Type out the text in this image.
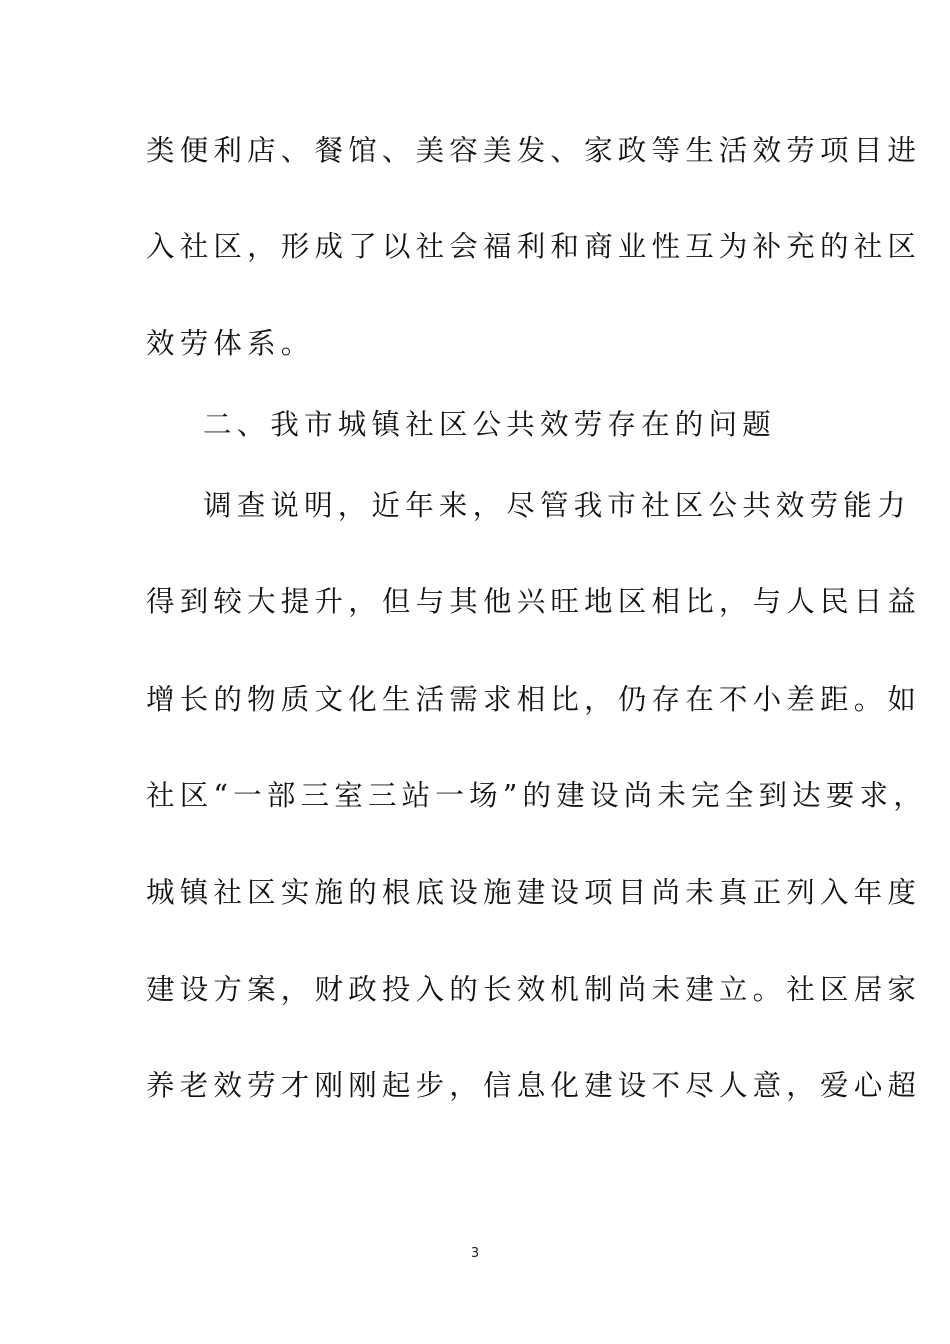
类便利店、餐馆、美容美发、家政等生活效劳项目进
入社区，形成了以社会福利和商业性互为补充的社区
效劳体系。
二、我市城镇社区公共效劳存在的问题
调查说明，近年来，尽管我市社区公共效劳能力
得到较大提升，但与其他兴旺地区相比，与人民日益
增长的物质文化生活需求相比，仍存在不小差距。如
社区“一部三室三站一场”的建设尚未完全到达要求，
城镇社区实施的根底设施建设项目尚未真正列入年度
建设方案，财政投入的长效机制尚未建立。社区居家
养老效劳才刚刚起步，信息化建设不尽人意，爱心超
3
